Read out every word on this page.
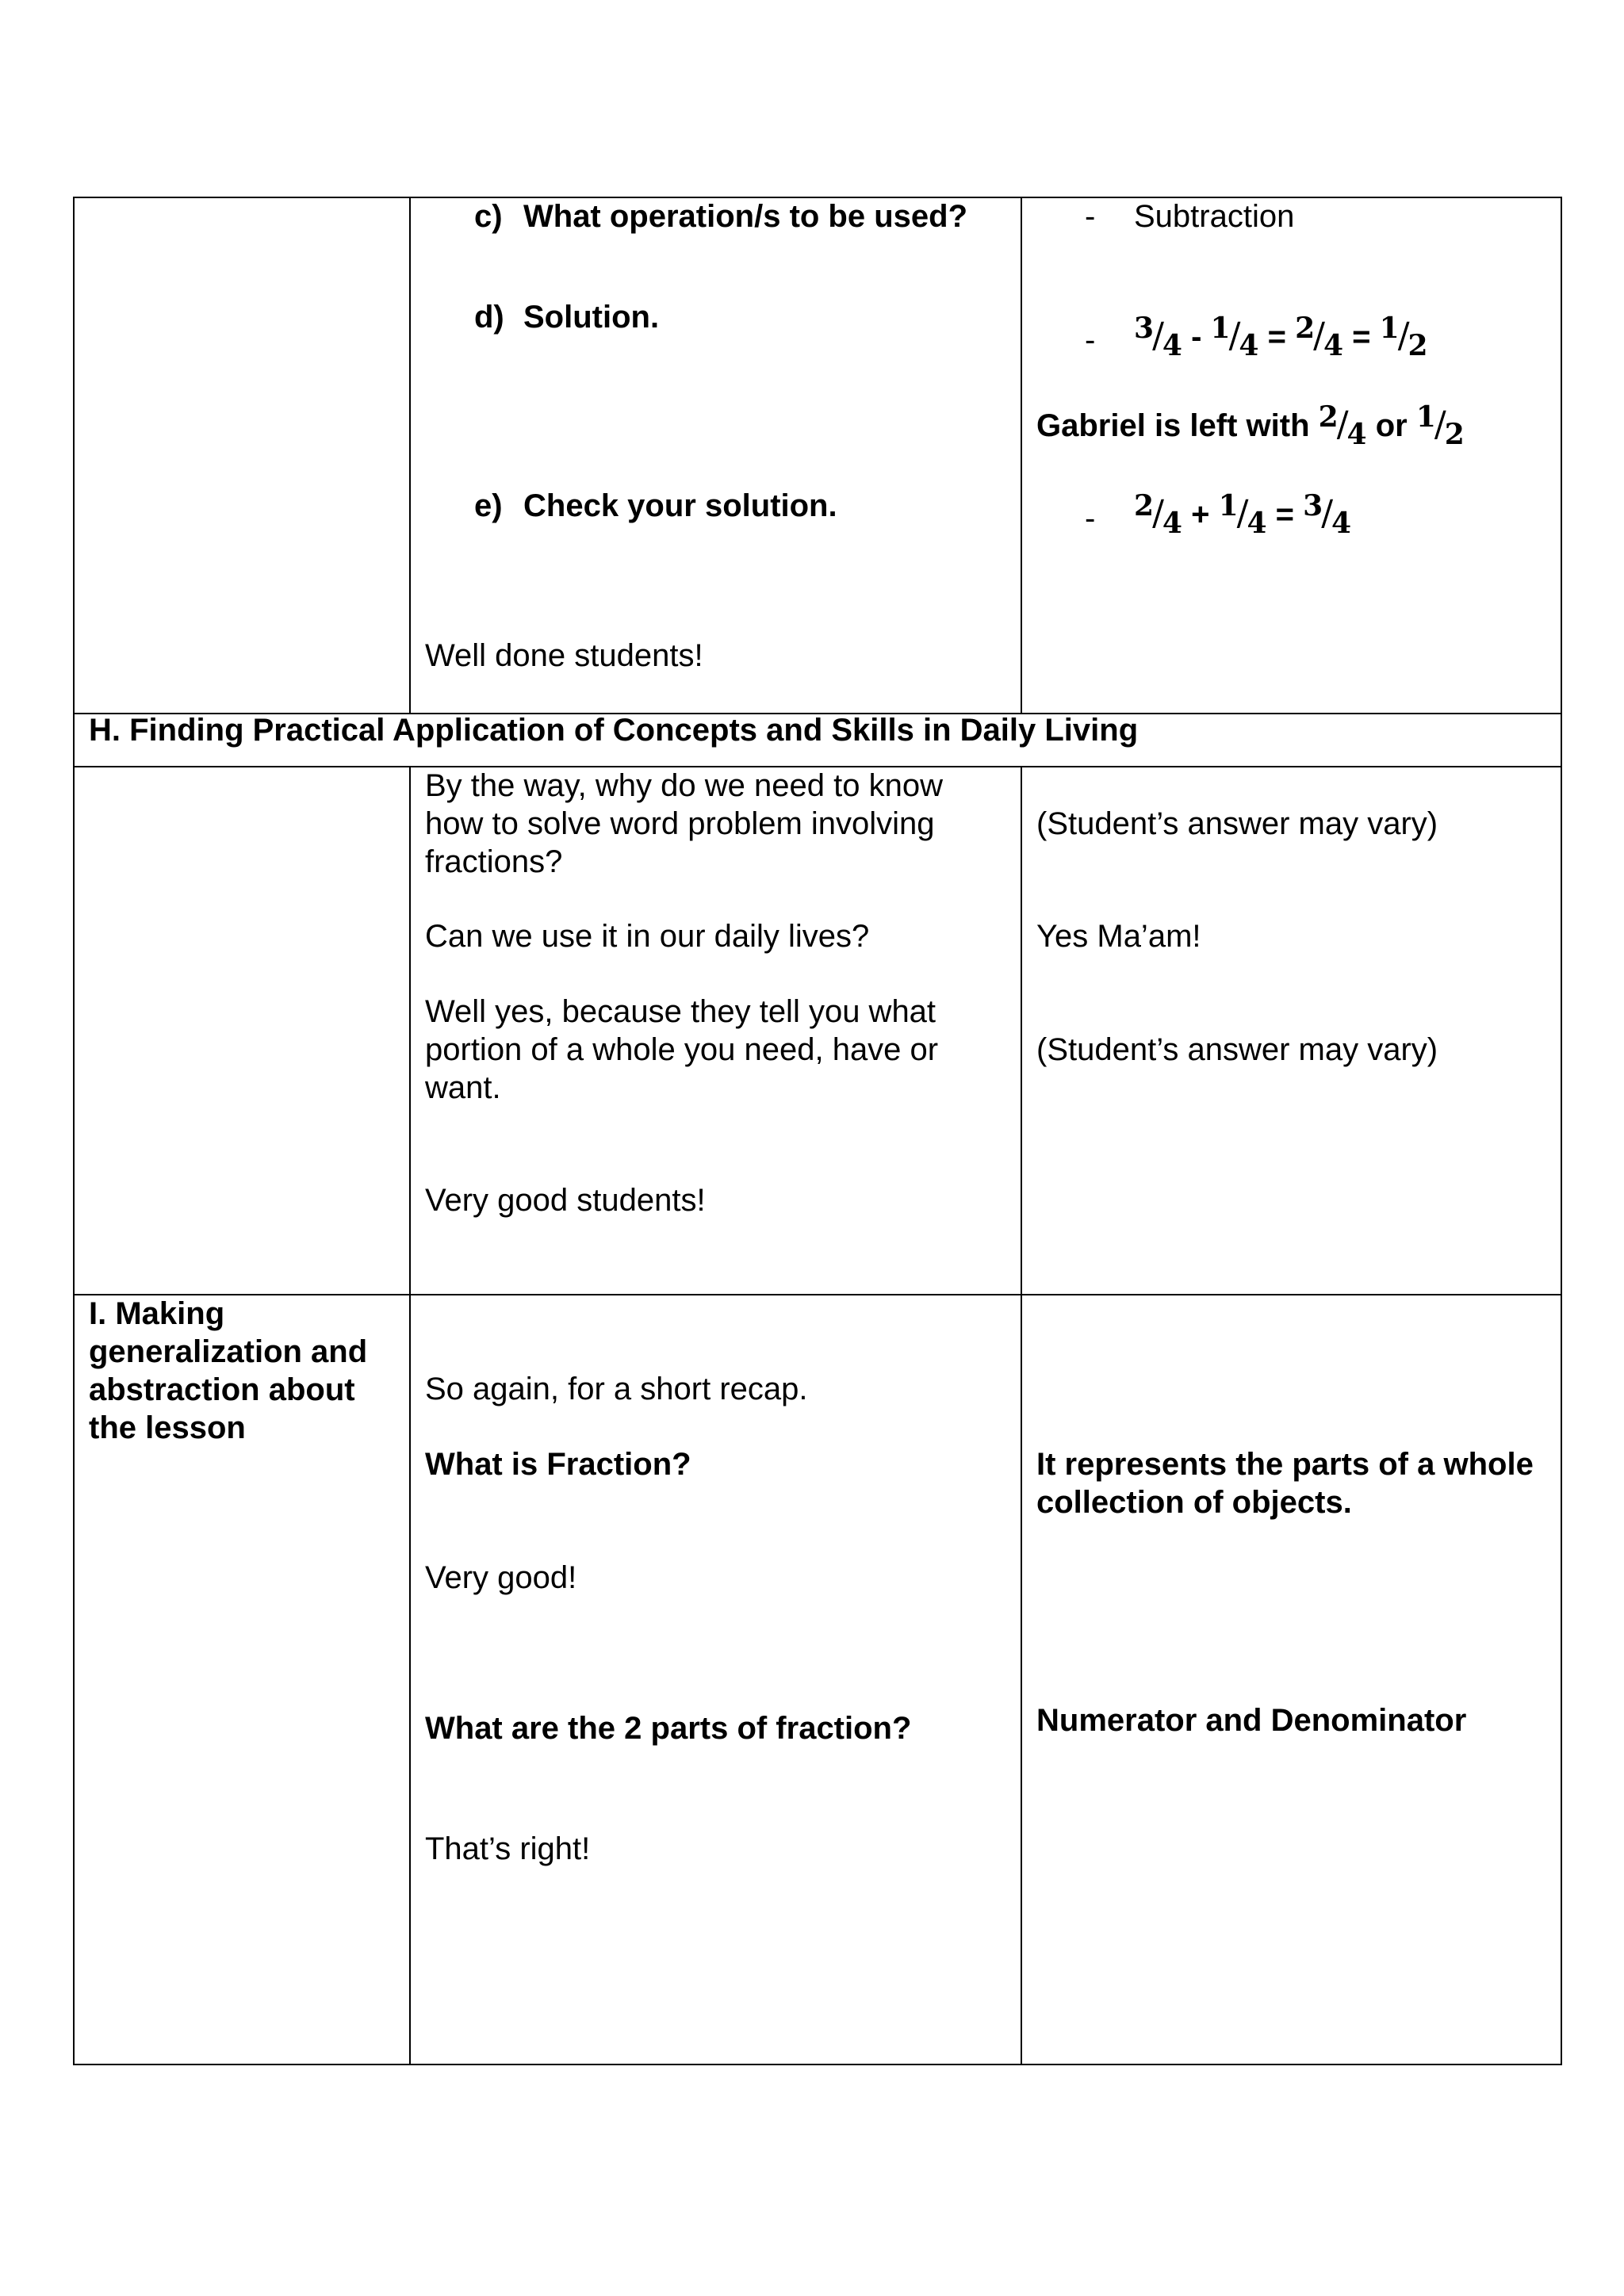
c) What operation/s to be used?
d) Solution.
e) Check your solution.
Well done students!
- Subtraction
- 3/4 - 1/4 = 2/4 = 1/2
Gabriel is left with 2/4 or 1/2
- 2/4 + 1/4 = 3/4
H. Finding Practical Application of Concepts and Skills in Daily Living
By the way, why do we need to know how to solve word problem involving fractions?
Can we use it in our daily lives?
Well yes, because they tell you what portion of a whole you need, have or want.
Very good students!
(Student’s answer may vary)
Yes Ma’am!
(Student’s answer may vary)
I. Making generalization and abstraction about the lesson
So again, for a short recap.
What is Fraction?
Very good!
What are the 2 parts of fraction?
That’s right!
It represents the parts of a whole collection of objects.
Numerator and Denominator
